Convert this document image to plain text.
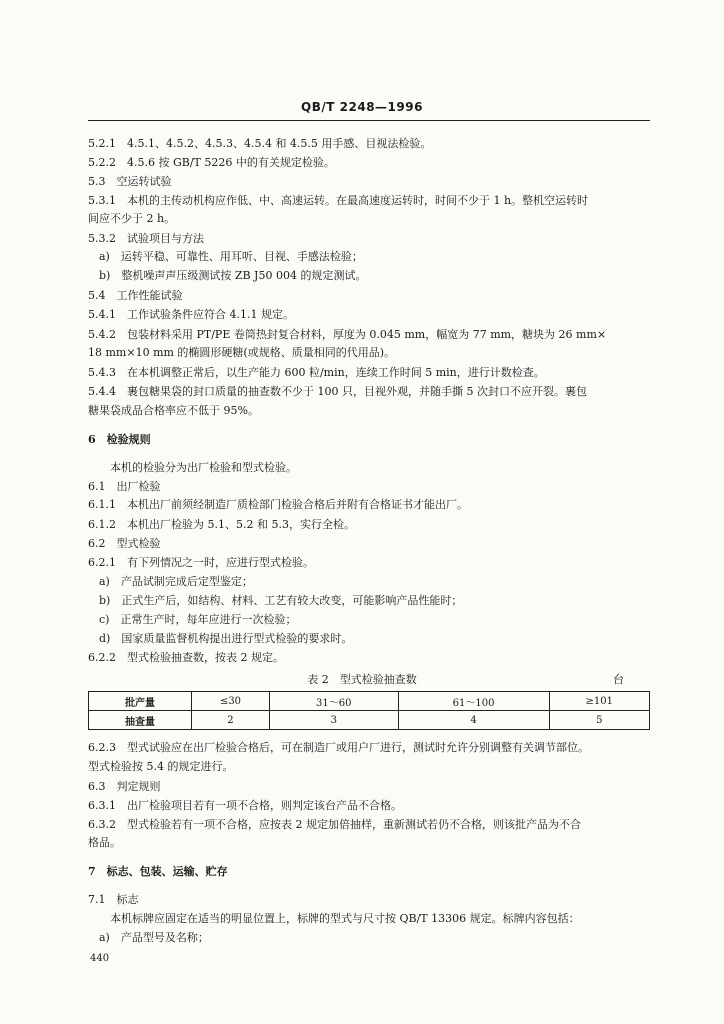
QB/T 2248—1996
5.2.1　4.5.1、4.5.2、4.5.3、4.5.4 和 4.5.5 用手感、目视法检验。
5.2.2　4.5.6 按 GB/T 5226 中的有关规定检验。
5.3　空运转试验
5.3.1　本机的主传动机构应作低、中、高速运转。在最高速度运转时，时间不少于 1 h。整机空运转时
间应不少于 2 h。
5.3.2　试验项目与方法
　a)　运转平稳、可靠性、用耳听、目视、手感法检验；
　b)　整机噪声声压级测试按 ZB J50 004 的规定测试。
5.4　工作性能试验
5.4.1　工作试验条件应符合 4.1.1 规定。
5.4.2　包装材料采用 PT/PE 卷筒热封复合材料，厚度为 0.045 mm，幅宽为 77 mm，糖块为 26 mm×
18 mm×10 mm 的椭圆形硬糖(或规格、质量相同的代用品)。
5.4.3　在本机调整正常后，以生产能力 600 粒/min，连续工作时间 5 min，进行计数检查。
5.4.4　裹包糖果袋的封口质量的抽查数不少于 100 只，目视外观，并随手撕 5 次封口不应开裂。裹包
糖果袋成品合格率应不低于 95%。
6　检验规则
　　本机的检验分为出厂检验和型式检验。
6.1　出厂检验
6.1.1　本机出厂前须经制造厂质检部门检验合格后并附有合格证书才能出厂。
6.1.2　本机出厂检验为 5.1、5.2 和 5.3，实行全检。
6.2　型式检验
6.2.1　有下列情况之一时，应进行型式检验。
　a)　产品试制完成后定型鉴定；
　b)　正式生产后，如结构、材料、工艺有较大改变，可能影响产品性能时；
　c)　正常生产时，每年应进行一次检验；
　d)　国家质量监督机构提出进行型式检验的要求时。
6.2.2　型式检验抽查数，按表 2 规定。
表 2　型式检验抽查数	台
批产量	≤30	31～60	61～100	≥101
抽查量	2	3	4	5
6.2.3　型式试验应在出厂检验合格后，可在制造厂或用户厂进行，测试时允许分别调整有关调节部位。
型式检验按 5.4 的规定进行。
6.3　判定规则
6.3.1　出厂检验项目若有一项不合格，则判定该台产品不合格。
6.3.2　型式检验若有一项不合格，应按表 2 规定加倍抽样，重新测试若仍不合格，则该批产品为不合
格品。
7　标志、包装、运输、贮存
7.1　标志
　　本机标牌应固定在适当的明显位置上，标牌的型式与尺寸按 QB/T 13306 规定。标牌内容包括：
　a)　产品型号及名称；
440
